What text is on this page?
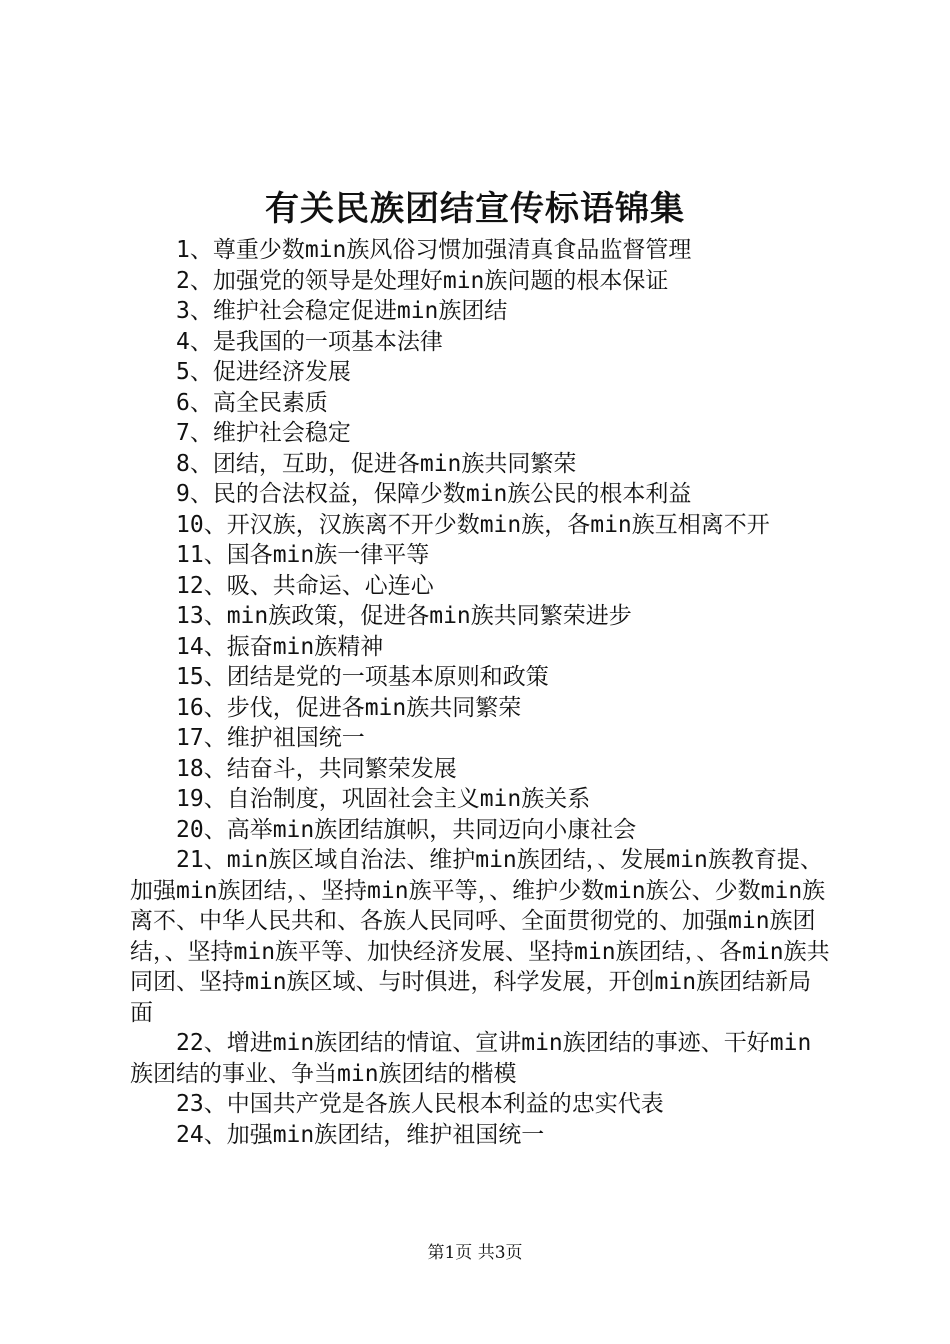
有关民族团结宣传标语锦集

1、尊重少数min族风俗习惯加强清真食品监督管理

2、加强党的领导是处理好min族问题的根本保证

3、维护社会稳定促进min族团结

4、是我国的一项基本法律

5、促进经济发展

6、高全民素质

7、维护社会稳定

8、团结，互助，促进各min族共同繁荣

9、民的合法权益，保障少数min族公民的根本利益

10、开汉族，汉族离不开少数min族，各min族互相离不开

11、国各min族一律平等

12、吸、共命运、心连心

13、min族政策，促进各min族共同繁荣进步

14、振奋min族精神

15、团结是党的一项基本原则和政策

16、步伐，促进各min族共同繁荣

17、维护祖国统一

18、结奋斗，共同繁荣发展

19、自治制度，巩固社会主义min族关系

20、高举min族团结旗帜，共同迈向小康社会

21、min族区域自治法、维护min族团结，、发展min族教育提、加强min族团结，、坚持min族平等，、维护少数min族公、少数min族离不、中华人民共和、各族人民同呼、全面贯彻党的、加强min族团结，、坚持min族平等、加快经济发展、坚持min族团结，、各min族共同团、坚持min族区域、与时俱进，科学发展，开创min族团结新局面

22、增进min族团结的情谊、宣讲min族团结的事迹、干好min族团结的事业、争当min族团结的楷模

23、中国共产党是各族人民根本利益的忠实代表

24、加强min族团结，维护祖国统一

第1页 共3页
